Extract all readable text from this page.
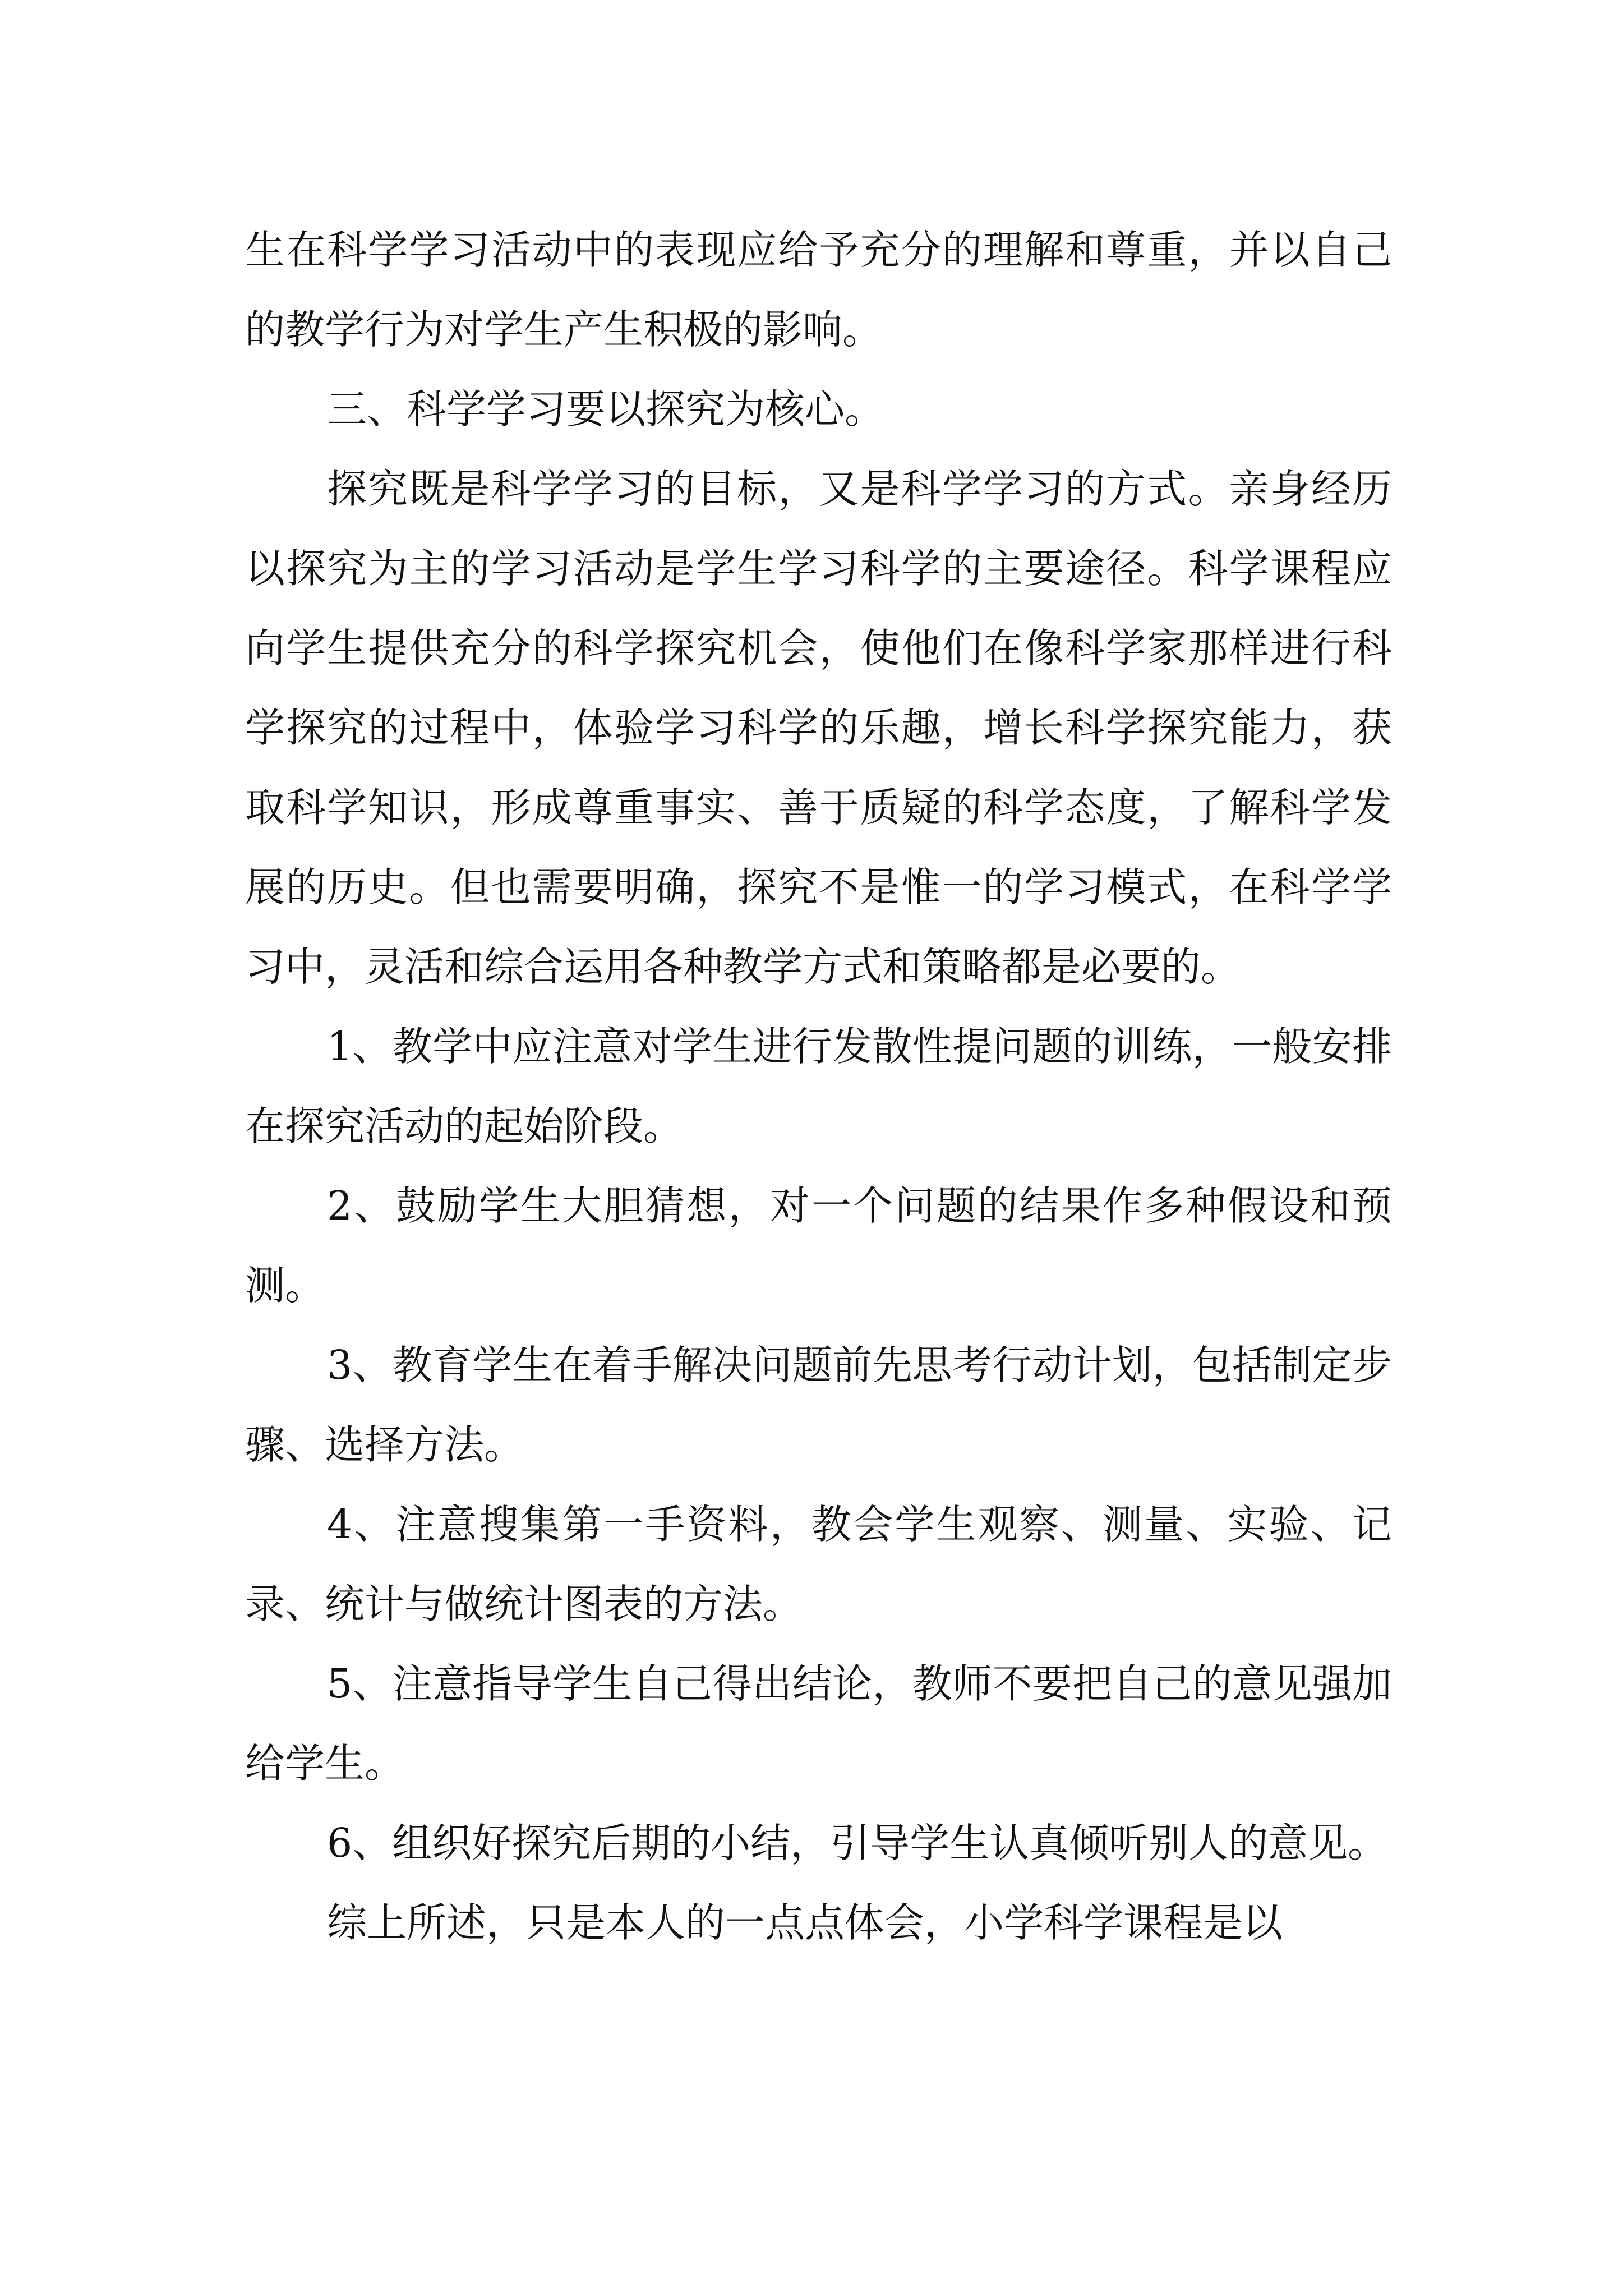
生在科学学习活动中的表现应给予充分的理解和尊重，并以自己的教学行为对学生产生积极的影响。

三、科学学习要以探究为核心。

探究既是科学学习的目标，又是科学学习的方式。亲身经历以探究为主的学习活动是学生学习科学的主要途径。科学课程应向学生提供充分的科学探究机会，使他们在像科学家那样进行科学探究的过程中，体验学习科学的乐趣，增长科学探究能力，获取科学知识，形成尊重事实、善于质疑的科学态度，了解科学发展的历史。但也需要明确，探究不是惟一的学习模式，在科学学习中，灵活和综合运用各种教学方式和策略都是必要的。

1、教学中应注意对学生进行发散性提问题的训练，一般安排在探究活动的起始阶段。

2、鼓励学生大胆猜想，对一个问题的结果作多种假设和预测。

3、教育学生在着手解决问题前先思考行动计划，包括制定步骤、选择方法。

4、注意搜集第一手资料，教会学生观察、测量、实验、记录、统计与做统计图表的方法。

5、注意指导学生自己得出结论，教师不要把自己的意见强加给学生。

6、组织好探究后期的小结，引导学生认真倾听别人的意见。

综上所述，只是本人的一点点体会，小学科学课程是以
